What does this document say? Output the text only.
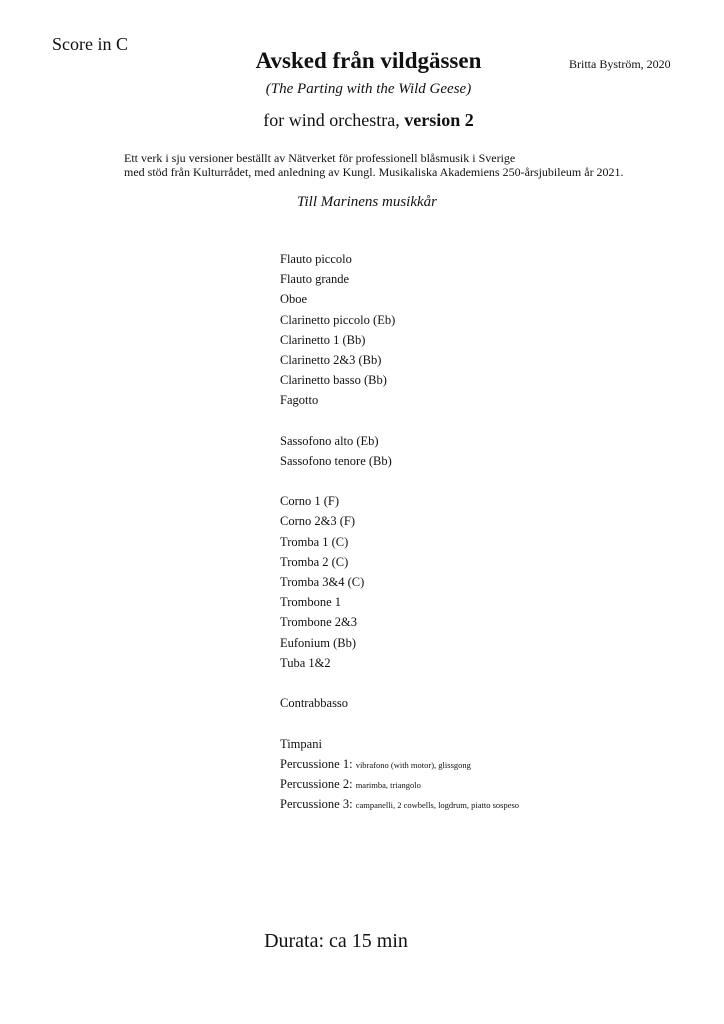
Score in C
Avsked från vildgässen	Britta Byström, 2020
(The Parting with the Wild Geese)
for wind orchestra, version 2
Ett verk i sju versioner beställt av Nätverket för professionell blåsmusik i Sverige
med stöd från Kulturrådet, med anledning av Kungl. Musikaliska Akademiens 250-årsjubileum år 2021.
Till Marinens musikkår
Flauto piccolo
Flauto grande
Oboe
Clarinetto piccolo (Eb)
Clarinetto 1 (Bb)
Clarinetto 2&3 (Bb)
Clarinetto basso (Bb)
Fagotto
Sassofono alto (Eb)
Sassofono tenore (Bb)
Corno 1 (F)
Corno 2&3 (F)
Tromba 1 (C)
Tromba 2 (C)
Tromba 3&4 (C)
Trombone 1
Trombone 2&3
Eufonium (Bb)
Tuba 1&2
Contrabbasso
Timpani
Percussione 1: vibrafono (with motor), glissgong
Percussione 2: marimba, triangolo
Percussione 3: campanelli, 2 cowbells, logdrum, piatto sospeso
Durata: ca 15 min
